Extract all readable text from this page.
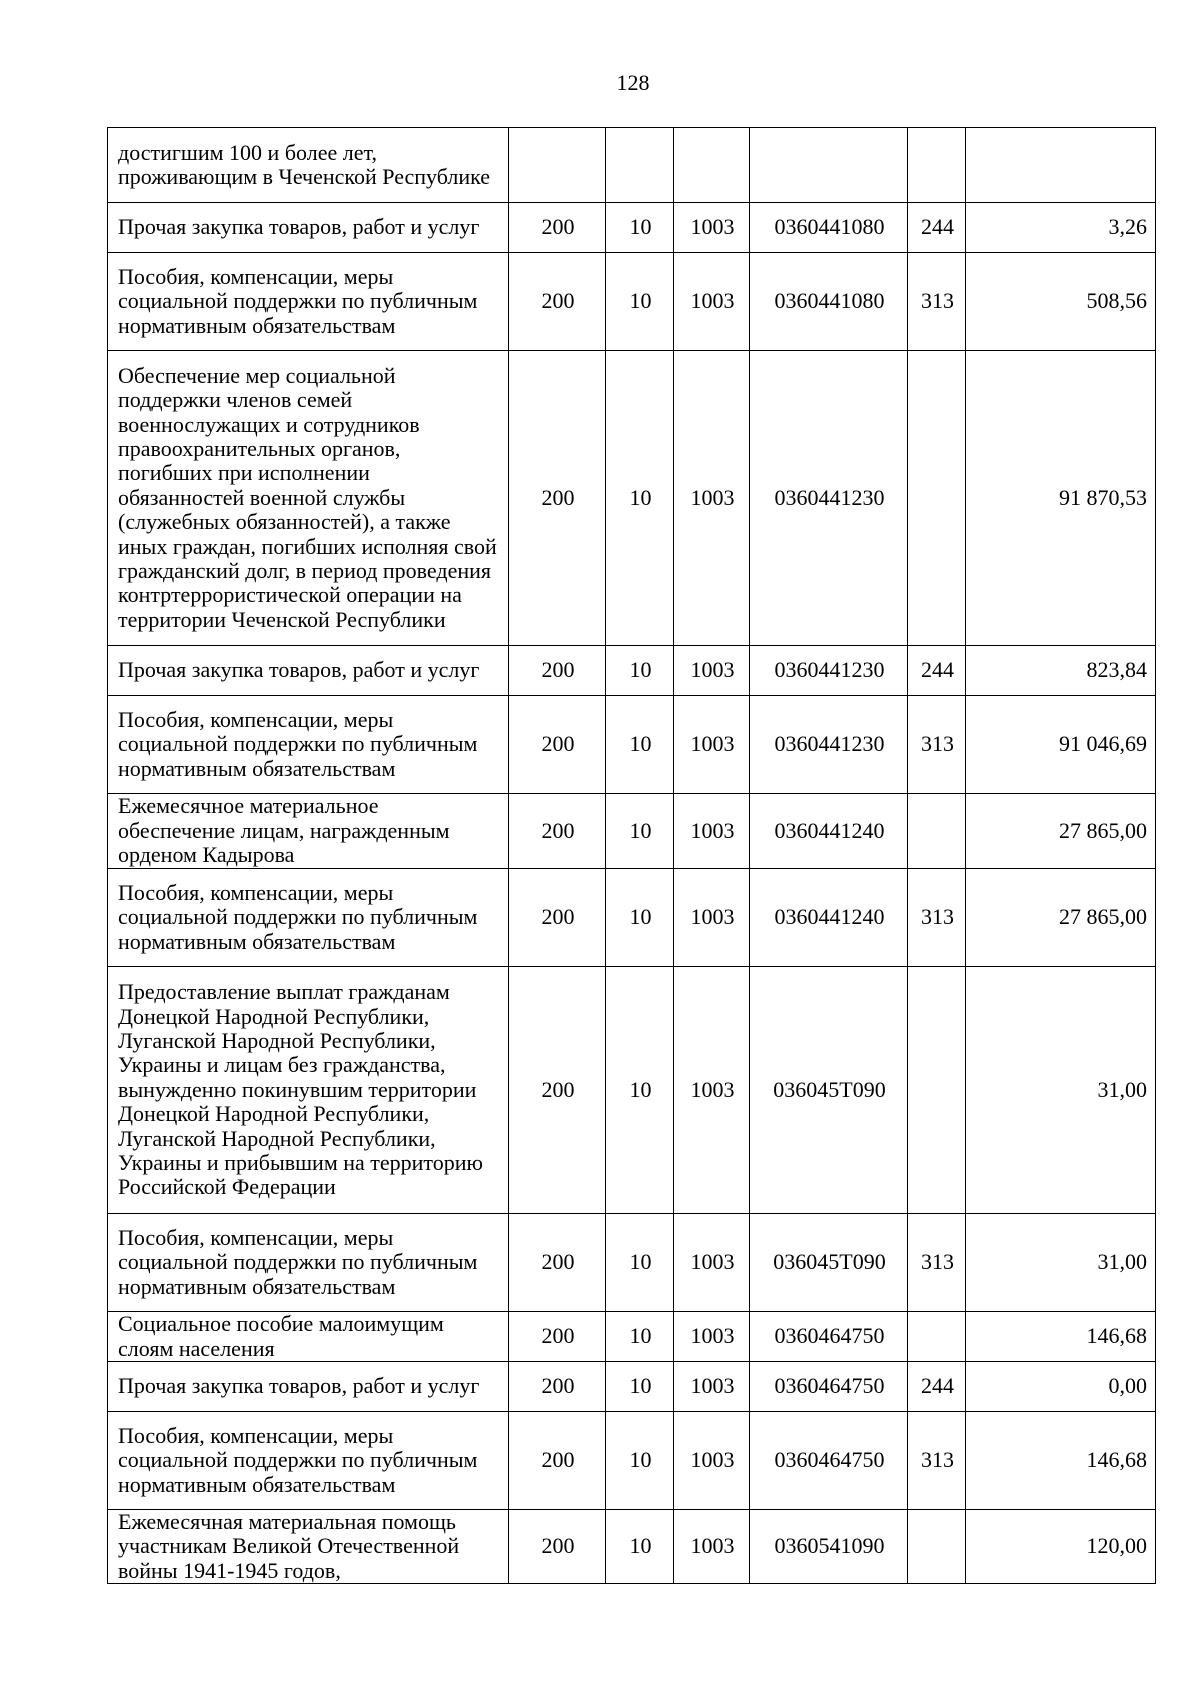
128
достигшим 100 и более лет, проживающим в Чеченской Республике						
Прочая закупка товаров, работ и услуг	200	10	1003	0360441080	244	3,26
Пособия, компенсации, меры социальной поддержки по публичным нормативным обязательствам	200	10	1003	0360441080	313	508,56
Обеспечение мер социальной поддержки членов семей военнослужащих и сотрудников правоохранительных органов, погибших при исполнении обязанностей военной службы (служебных обязанностей), а также иных граждан, погибших исполняя свой гражданский долг, в период проведения контртеррористической операции на территории Чеченской Республики	200	10	1003	0360441230		91 870,53
Прочая закупка товаров, работ и услуг	200	10	1003	0360441230	244	823,84
Пособия, компенсации, меры социальной поддержки по публичным нормативным обязательствам	200	10	1003	0360441230	313	91 046,69
Ежемесячное материальное обеспечение лицам, награжденным орденом Кадырова	200	10	1003	0360441240		27 865,00
Пособия, компенсации, меры социальной поддержки по публичным нормативным обязательствам	200	10	1003	0360441240	313	27 865,00
Предоставление выплат гражданам Донецкой Народной Республики, Луганской Народной Республики, Украины и лицам без гражданства, вынужденно покинувшим территории Донецкой Народной Республики, Луганской Народной Республики, Украины и прибывшим на территорию Российской Федерации	200	10	1003	036045Т090		31,00
Пособия, компенсации, меры социальной поддержки по публичным нормативным обязательствам	200	10	1003	036045Т090	313	31,00
Социальное пособие малоимущим слоям населения	200	10	1003	0360464750		146,68
Прочая закупка товаров, работ и услуг	200	10	1003	0360464750	244	0,00
Пособия, компенсации, меры социальной поддержки по публичным нормативным обязательствам	200	10	1003	0360464750	313	146,68
Ежемесячная материальная помощь участникам Великой Отечественной войны 1941-1945 годов,	200	10	1003	0360541090		120,00
